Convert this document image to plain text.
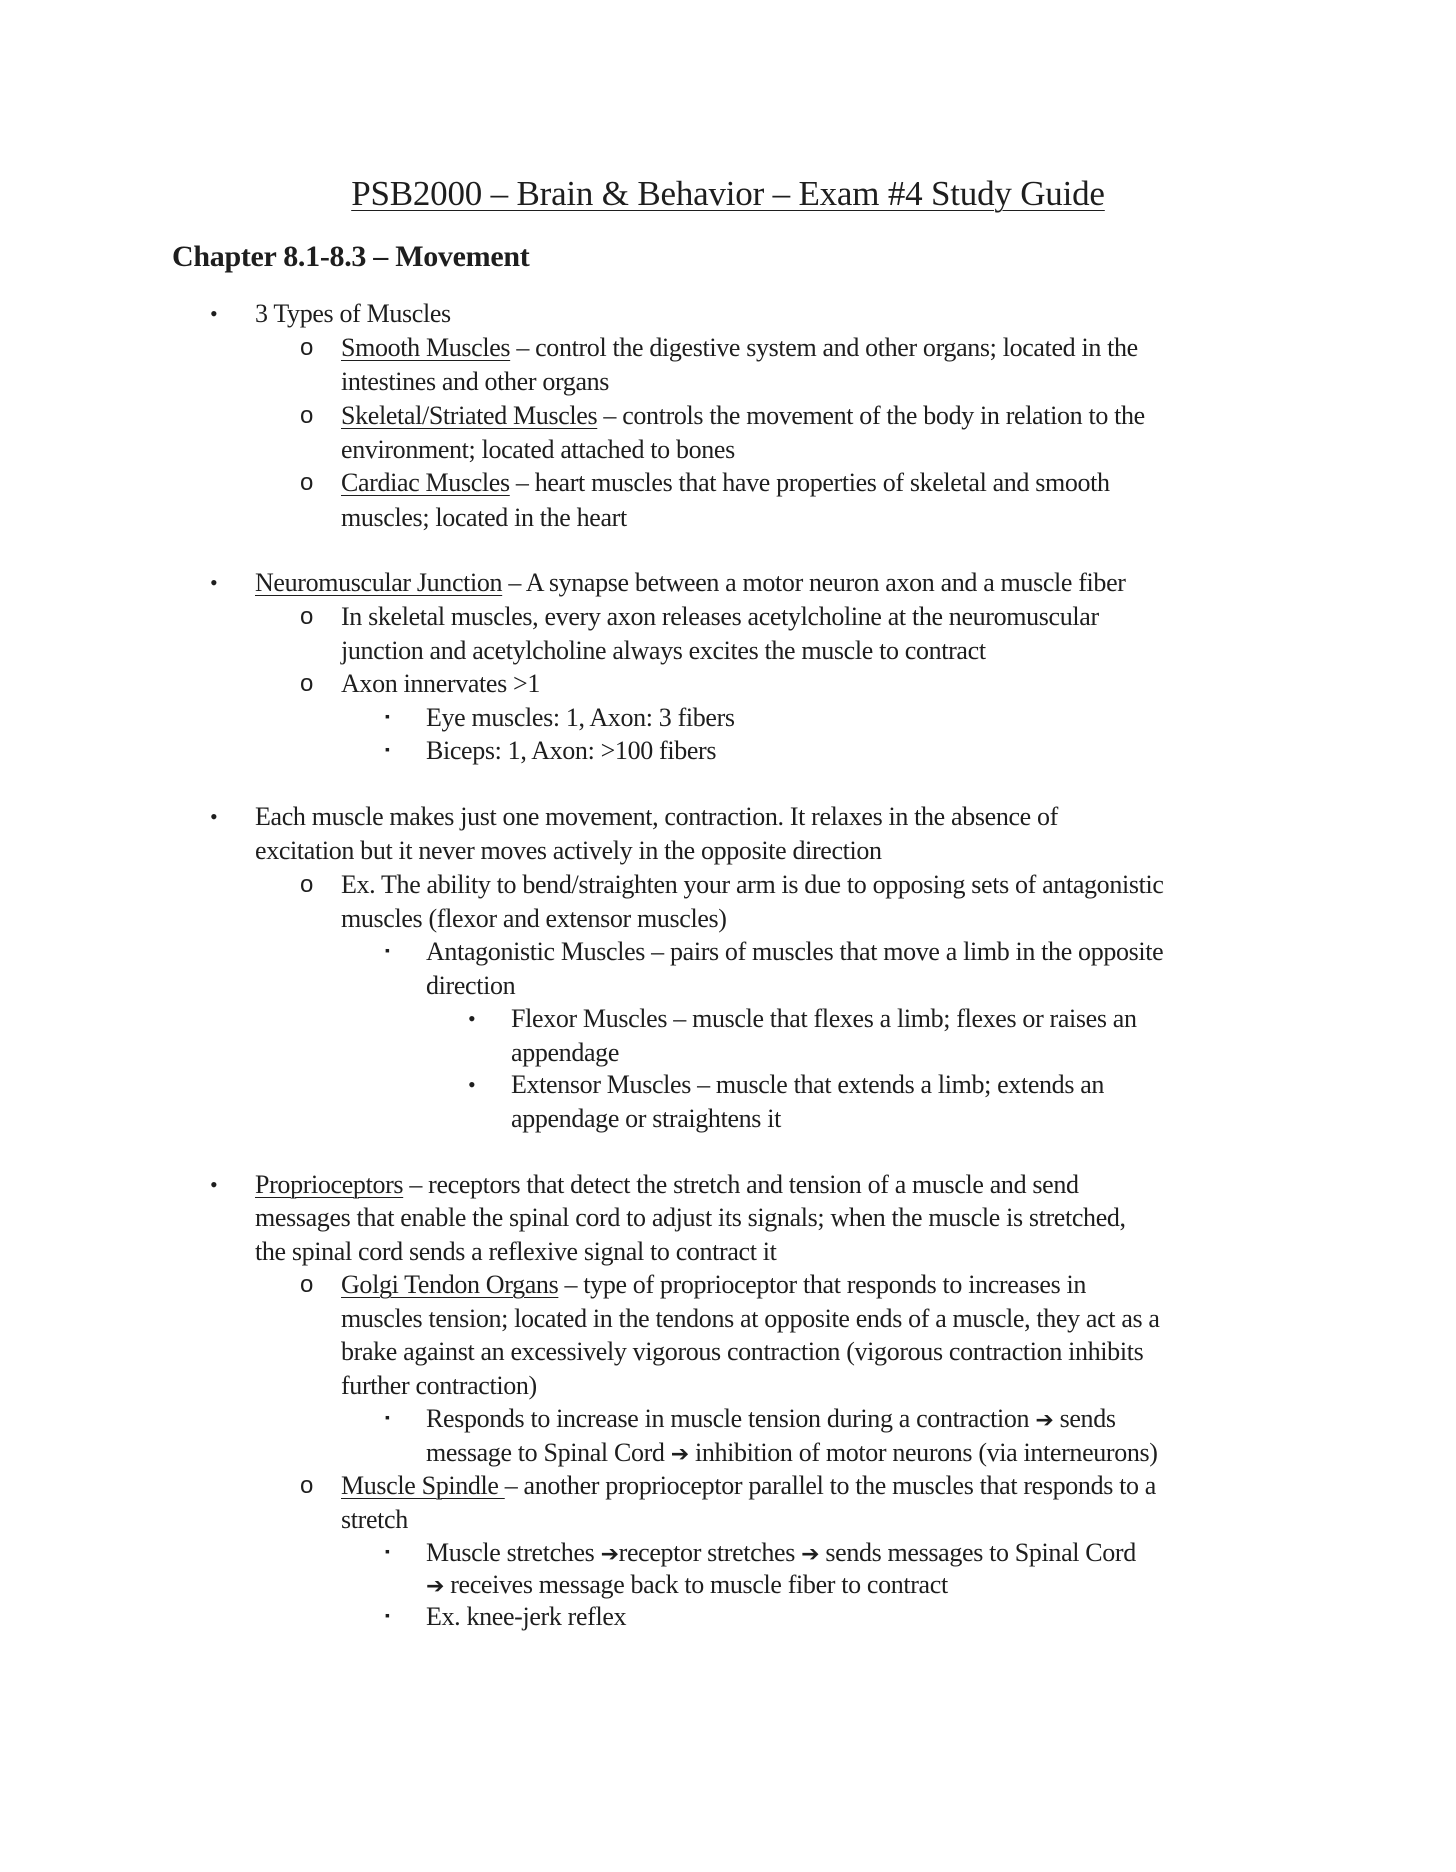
PSB2000 – Brain & Behavior – Exam #4 Study Guide
Chapter 8.1-8.3 – Movement
• 3 Types of Muscles
o Smooth Muscles – control the digestive system and other organs; located in the
intestines and other organs
o Skeletal/Striated Muscles – controls the movement of the body in relation to the
environment; located attached to bones
o Cardiac Muscles – heart muscles that have properties of skeletal and smooth
muscles; located in the heart
• Neuromuscular Junction – A synapse between a motor neuron axon and a muscle fiber
o In skeletal muscles, every axon releases acetylcholine at the neuromuscular
junction and acetylcholine always excites the muscle to contract
o Axon innervates >1
▪ Eye muscles: 1, Axon: 3 fibers
▪ Biceps: 1, Axon: >100 fibers
• Each muscle makes just one movement, contraction. It relaxes in the absence of
excitation but it never moves actively in the opposite direction
o Ex. The ability to bend/straighten your arm is due to opposing sets of antagonistic
muscles (flexor and extensor muscles)
▪ Antagonistic Muscles – pairs of muscles that move a limb in the opposite
direction
• Flexor Muscles – muscle that flexes a limb; flexes or raises an
appendage
• Extensor Muscles – muscle that extends a limb; extends an
appendage or straightens it
• Proprioceptors – receptors that detect the stretch and tension of a muscle and send
messages that enable the spinal cord to adjust its signals; when the muscle is stretched,
the spinal cord sends a reflexive signal to contract it
o Golgi Tendon Organs – type of proprioceptor that responds to increases in
muscles tension; located in the tendons at opposite ends of a muscle, they act as a
brake against an excessively vigorous contraction (vigorous contraction inhibits
further contraction)
▪ Responds to increase in muscle tension during a contraction ➔ sends
message to Spinal Cord ➔ inhibition of motor neurons (via interneurons)
o Muscle Spindle – another proprioceptor parallel to the muscles that responds to a
stretch
▪ Muscle stretches ➔receptor stretches ➔ sends messages to Spinal Cord
➔ receives message back to muscle fiber to contract
▪ Ex. knee-jerk reflex
